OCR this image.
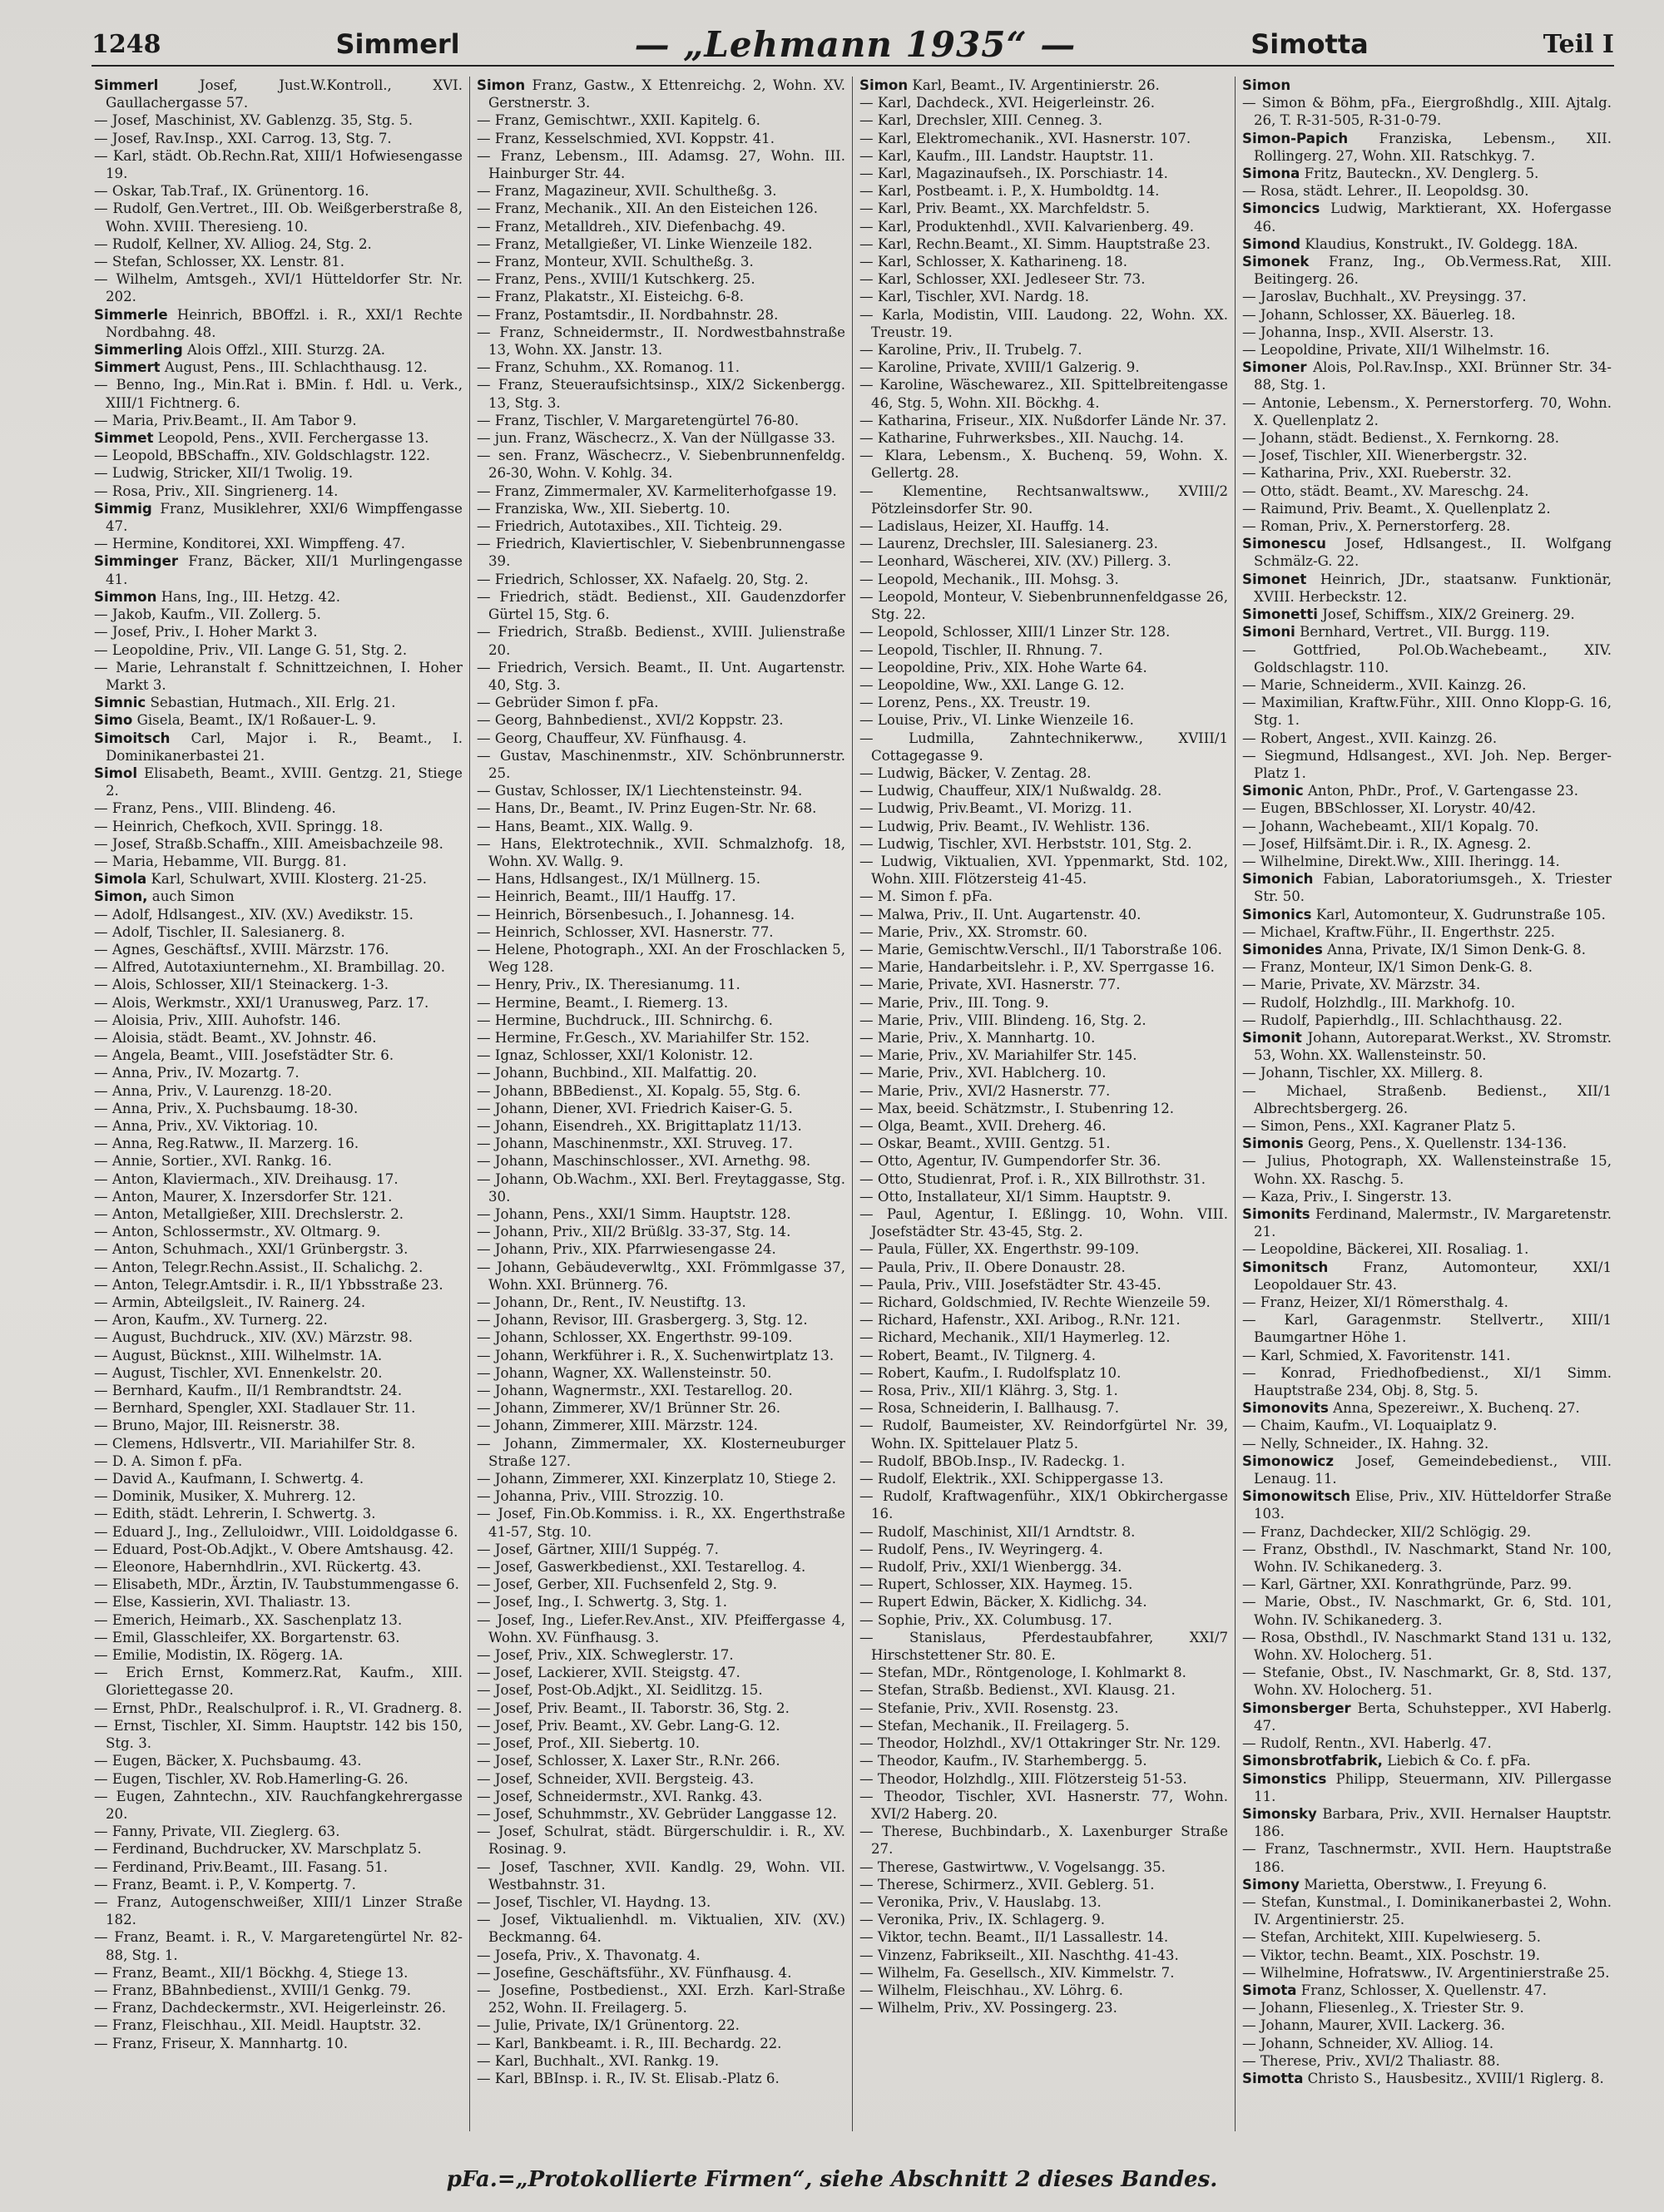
1248	Simmerl	— „Lehmann 1935“ —	Simotta	Teil I
Simmerl Josef, Just.W.Kontroll., XVI. Gaullachergasse 57.
— Josef, Maschinist, XV. Gablenzg. 35, Stg. 5.
— Josef, Rav.Insp., XXI. Carrog. 13, Stg. 7.
— Karl, städt. Ob.Rechn.Rat, XIII/1 Hofwiesengasse 19.
— Oskar, Tab.Traf., IX. Grünentorg. 16.
— Rudolf, Gen.Vertret., III. Ob. Weißgerberstraße 8, Wohn. XVIII. Theresieng. 10.
— Rudolf, Kellner, XV. Alliog. 24, Stg. 2.
— Stefan, Schlosser, XX. Lenstr. 81.
— Wilhelm, Amtsgeh., XVI/1 Hütteldorfer Str. Nr. 202.
Simmerle Heinrich, BBOffzl. i. R., XXI/1 Rechte Nordbahng. 48.
Simmerling Alois Offzl., XIII. Sturzg. 2A.
Simmert August, Pens., III. Schlachthausg. 12.
— Benno, Ing., Min.Rat i. BMin. f. Hdl. u. Verk., XIII/1 Fichtnerg. 6.
— Maria, Priv.Beamt., II. Am Tabor 9.
Simmet Leopold, Pens., XVII. Ferchergasse 13.
— Leopold, BBSchaffn., XIV. Goldschlagstr. 122.
— Ludwig, Stricker, XII/1 Twolig. 19.
— Rosa, Priv., XII. Singrienerg. 14.
Simmig Franz, Musiklehrer, XXI/6 Wimpffengasse 47.
— Hermine, Konditorei, XXI. Wimpffeng. 47.
Simminger Franz, Bäcker, XII/1 Murlingengasse 41.
Simmon Hans, Ing., III. Hetzg. 42.
— Jakob, Kaufm., VII. Zollerg. 5.
— Josef, Priv., I. Hoher Markt 3.
— Leopoldine, Priv., VII. Lange G. 51, Stg. 2.
— Marie, Lehranstalt f. Schnittzeichnen, I. Hoher Markt 3.
Simnic Sebastian, Hutmach., XII. Erlg. 21.
Simo Gisela, Beamt., IX/1 Roßauer-L. 9.
Simoitsch Carl, Major i. R., Beamt., I. Dominikanerbastei 21.
Simol Elisabeth, Beamt., XVIII. Gentzg. 21, Stiege 2.
— Franz, Pens., VIII. Blindeng. 46.
— Heinrich, Chefkoch, XVII. Springg. 18.
— Josef, Straßb.Schaffn., XIII. Ameisbachzeile 98.
— Maria, Hebamme, VII. Burgg. 81.
Simola Karl, Schulwart, XVIII. Klosterg. 21-25.
Simon, auch Simon
— Adolf, Hdlsangest., XIV. (XV.) Avedikstr. 15.
— Adolf, Tischler, II. Salesianerg. 8.
— Agnes, Geschäftsf., XVIII. Märzstr. 176.
— Alfred, Autotaxiunternehm., XI. Brambillag. 20.
— Alois, Schlosser, XII/1 Steinackerg. 1-3.
— Alois, Werkmstr., XXI/1 Uranusweg, Parz. 17.
— Aloisia, Priv., XIII. Auhofstr. 146.
— Aloisia, städt. Beamt., XV. Johnstr. 46.
— Angela, Beamt., VIII. Josefstädter Str. 6.
— Anna, Priv., IV. Mozartg. 7.
— Anna, Priv., V. Laurenzg. 18-20.
— Anna, Priv., X. Puchsbaumg. 18-30.
— Anna, Priv., XV. Viktoriag. 10.
— Anna, Reg.Ratww., II. Marzerg. 16.
— Annie, Sortier., XVI. Rankg. 16.
— Anton, Klaviermach., XIV. Dreihausg. 17.
— Anton, Maurer, X. Inzersdorfer Str. 121.
— Anton, Metallgießer, XIII. Drechslerstr. 2.
— Anton, Schlossermstr., XV. Oltmarg. 9.
— Anton, Schuhmach., XXI/1 Grünbergstr. 3.
— Anton, Telegr.Rechn.Assist., II. Schalichg. 2.
— Anton, Telegr.Amtsdir. i. R., II/1 Ybbsstraße 23.
— Armin, Abteilgsleit., IV. Rainerg. 24.
— Aron, Kaufm., XV. Turnerg. 22.
— August, Buchdruck., XIV. (XV.) Märzstr. 98.
— August, Bücknst., XIII. Wilhelmstr. 1A.
— August, Tischler, XVI. Ennenkelstr. 20.
— Bernhard, Kaufm., II/1 Rembrandtstr. 24.
— Bernhard, Spengler, XXI. Stadlauer Str. 11.
— Bruno, Major, III. Reisnerstr. 38.
— Clemens, Hdlsvertr., VII. Mariahilfer Str. 8.
— D. A. Simon f. pFa.
— David A., Kaufmann, I. Schwertg. 4.
— Dominik, Musiker, X. Muhrerg. 12.
— Edith, städt. Lehrerin, I. Schwertg. 3.
— Eduard J., Ing., Zelluloidwr., VIII. Loidoldgasse 6.
— Eduard, Post-Ob.Adjkt., V. Obere Amtshausg. 42.
— Eleonore, Habernhdlrin., XVI. Rückertg. 43.
— Elisabeth, MDr., Ärztin, IV. Taubstummengasse 6.
— Else, Kassierin, XVI. Thaliastr. 13.
— Emerich, Heimarb., XX. Saschenplatz 13.
— Emil, Glasschleifer, XX. Borgartenstr. 63.
— Emilie, Modistin, IX. Rögerg. 1A.
— Erich Ernst, Kommerz.Rat, Kaufm., XIII. Gloriettegasse 20.
— Ernst, PhDr., Realschulprof. i. R., VI. Gradnerg. 8.
— Ernst, Tischler, XI. Simm. Hauptstr. 142 bis 150, Stg. 3.
— Eugen, Bäcker, X. Puchsbaumg. 43.
— Eugen, Tischler, XV. Rob.Hamerling-G. 26.
— Eugen, Zahntechn., XIV. Rauchfangkehrergasse 20.
— Fanny, Private, VII. Zieglerg. 63.
— Ferdinand, Buchdrucker, XV. Marschplatz 5.
— Ferdinand, Priv.Beamt., III. Fasang. 51.
— Franz, Beamt. i. P., V. Kompertg. 7.
— Franz, Autogenschweißer, XIII/1 Linzer Straße 182.
— Franz, Beamt. i. R., V. Margaretengürtel Nr. 82-88, Stg. 1.
— Franz, Beamt., XII/1 Böckhg. 4, Stiege 13.
— Franz, BBahnbedienst., XVIII/1 Genkg. 79.
— Franz, Dachdeckermstr., XVI. Heigerleinstr. 26.
— Franz, Fleischhau., XII. Meidl. Hauptstr. 32.
— Franz, Friseur, X. Mannhartg. 10.
Simon Franz, Gastw., X Ettenreichg. 2, Wohn. XV. Gerstnerstr. 3.
— Franz, Gemischtwr., XXII. Kapitelg. 6.
— Franz, Kesselschmied, XVI. Koppstr. 41.
— Franz, Lebensm., III. Adamsg. 27, Wohn. III. Hainburger Str. 44.
— Franz, Magazineur, XVII. Schultheßg. 3.
— Franz, Mechanik., XII. An den Eisteichen 126.
— Franz, Metalldreh., XIV. Diefenbachg. 49.
— Franz, Metallgießer, VI. Linke Wienzeile 182.
— Franz, Monteur, XVII. Schultheßg. 3.
— Franz, Pens., XVIII/1 Kutschkerg. 25.
— Franz, Plakatstr., XI. Eisteichg. 6-8.
— Franz, Postamtsdir., II. Nordbahnstr. 28.
— Franz, Schneidermstr., II. Nordwestbahnstraße 13, Wohn. XX. Janstr. 13.
— Franz, Schuhm., XX. Romanog. 11.
— Franz, Steueraufsichtsinsp., XIX/2 Sickenbergg. 13, Stg. 3.
— Franz, Tischler, V. Margaretengürtel 76-80.
— jun. Franz, Wäschecrz., X. Van der Nüllgasse 33.
— sen. Franz, Wäschecrz., V. Siebenbrunnenfeldg. 26-30, Wohn. V. Kohlg. 34.
— Franz, Zimmermaler, XV. Karmeliterhofgasse 19.
— Franziska, Ww., XII. Siebertg. 10.
— Friedrich, Autotaxibes., XII. Tichteig. 29.
— Friedrich, Klaviertischler, V. Siebenbrunnengasse 39.
— Friedrich, Schlosser, XX. Nafaelg. 20, Stg. 2.
— Friedrich, städt. Bedienst., XII. Gaudenzdorfer Gürtel 15, Stg. 6.
— Friedrich, Straßb. Bedienst., XVIII. Julienstraße 20.
— Friedrich, Versich. Beamt., II. Unt. Augartenstr. 40, Stg. 3.
— Gebrüder Simon f. pFa.
— Georg, Bahnbedienst., XVI/2 Koppstr. 23.
— Georg, Chauffeur, XV. Fünfhausg. 4.
— Gustav, Maschinenmstr., XIV. Schönbrunnerstr. 25.
— Gustav, Schlosser, IX/1 Liechtensteinstr. 94.
— Hans, Dr., Beamt., IV. Prinz Eugen-Str. Nr. 68.
— Hans, Beamt., XIX. Wallg. 9.
— Hans, Elektrotechnik., XVII. Schmalzhofg. 18, Wohn. XV. Wallg. 9.
— Hans, Hdlsangest., IX/1 Müllnerg. 15.
— Heinrich, Beamt., III/1 Hauffg. 17.
— Heinrich, Börsenbesuch., I. Johannesg. 14.
— Heinrich, Schlosser, XVI. Hasnerstr. 77.
— Helene, Photograph., XXI. An der Froschlacken 5, Weg 128.
— Henry, Priv., IX. Theresianumg. 11.
— Hermine, Beamt., I. Riemerg. 13.
— Hermine, Buchdruck., III. Schnirchg. 6.
— Hermine, Fr.Gesch., XV. Mariahilfer Str. 152.
— Ignaz, Schlosser, XXI/1 Kolonistr. 12.
— Johann, Buchbind., XII. Malfattig. 20.
— Johann, BBBedienst., XI. Kopalg. 55, Stg. 6.
— Johann, Diener, XVI. Friedrich Kaiser-G. 5.
— Johann, Eisendreh., XX. Brigittaplatz 11/13.
— Johann, Maschinenmstr., XXI. Struveg. 17.
— Johann, Maschinschlosser., XVI. Arnethg. 98.
— Johann, Ob.Wachm., XXI. Berl. Freytaggasse, Stg. 30.
— Johann, Pens., XXI/1 Simm. Hauptstr. 128.
— Johann, Priv., XII/2 Brüßlg. 33-37, Stg. 14.
— Johann, Priv., XIX. Pfarrwiesengasse 24.
— Johann, Gebäudeverwltg., XXI. Frömmlgasse 37, Wohn. XXI. Brünnerg. 76.
— Johann, Dr., Rent., IV. Neustiftg. 13.
— Johann, Revisor, III. Grasbergerg. 3, Stg. 12.
— Johann, Schlosser, XX. Engerthstr. 99-109.
— Johann, Werkführer i. R., X. Suchenwirtplatz 13.
— Johann, Wagner, XX. Wallensteinstr. 50.
— Johann, Wagnermstr., XXI. Testarellog. 20.
— Johann, Zimmerer, XV/1 Brünner Str. 26.
— Johann, Zimmerer, XIII. Märzstr. 124.
— Johann, Zimmermaler, XX. Klosterneuburger Straße 127.
— Johann, Zimmerer, XXI. Kinzerplatz 10, Stiege 2.
— Johanna, Priv., VIII. Strozzig. 10.
— Josef, Fin.Ob.Kommiss. i. R., XX. Engerthstraße 41-57, Stg. 10.
— Josef, Gärtner, XIII/1 Suppég. 7.
— Josef, Gaswerkbedienst., XXI. Testarellog. 4.
— Josef, Gerber, XII. Fuchsenfeld 2, Stg. 9.
— Josef, Ing., I. Schwertg. 3, Stg. 1.
— Josef, Ing., Liefer.Rev.Anst., XIV. Pfeiffergasse 4, Wohn. XV. Fünfhausg. 3.
— Josef, Priv., XIX. Schweglerstr. 17.
— Josef, Lackierer, XVII. Steigstg. 47.
— Josef, Post-Ob.Adjkt., XI. Seidlitzg. 15.
— Josef, Priv. Beamt., II. Taborstr. 36, Stg. 2.
— Josef, Priv. Beamt., XV. Gebr. Lang-G. 12.
— Josef, Prof., XII. Siebertg. 10.
— Josef, Schlosser, X. Laxer Str., R.Nr. 266.
— Josef, Schneider, XVII. Bergsteig. 43.
— Josef, Schneidermstr., XVI. Rankg. 43.
— Josef, Schuhmmstr., XV. Gebrüder Langgasse 12.
— Josef, Schulrat, städt. Bürgerschuldir. i. R., XV. Rosinag. 9.
— Josef, Taschner, XVII. Kandlg. 29, Wohn. VII. Westbahnstr. 31.
— Josef, Tischler, VI. Haydng. 13.
— Josef, Viktualienhdl. m. Viktualien, XIV. (XV.) Beckmanng. 64.
— Josefa, Priv., X. Thavonatg. 4.
— Josefine, Geschäftsführ., XV. Fünfhausg. 4.
— Josefine, Postbedienst., XXI. Erzh. Karl-Straße 252, Wohn. II. Freilagerg. 5.
— Julie, Private, IX/1 Grünentorg. 22.
— Karl, Bankbeamt. i. R., III. Bechardg. 22.
— Karl, Buchhalt., XVI. Rankg. 19.
— Karl, BBInsp. i. R., IV. St. Elisab.-Platz 6.
Simon Karl, Beamt., IV. Argentinierstr. 26.
— Karl, Dachdeck., XVI. Heigerleinstr. 26.
— Karl, Drechsler, XIII. Cenneg. 3.
— Karl, Elektromechanik., XVI. Hasnerstr. 107.
— Karl, Kaufm., III. Landstr. Hauptstr. 11.
— Karl, Magazinaufseh., IX. Porschiastr. 14.
— Karl, Postbeamt. i. P., X. Humboldtg. 14.
— Karl, Priv. Beamt., XX. Marchfeldstr. 5.
— Karl, Produktenhdl., XVII. Kalvarienberg. 49.
— Karl, Rechn.Beamt., XI. Simm. Hauptstraße 23.
— Karl, Schlosser, X. Katharineng. 18.
— Karl, Schlosser, XXI. Jedleseer Str. 73.
— Karl, Tischler, XVI. Nardg. 18.
— Karla, Modistin, VIII. Laudong. 22, Wohn. XX. Treustr. 19.
— Karoline, Priv., II. Trubelg. 7.
— Karoline, Private, XVIII/1 Galzerig. 9.
— Karoline, Wäschewarez., XII. Spittelbreitengasse 46, Stg. 5, Wohn. XII. Böckhg. 4.
— Katharina, Friseur., XIX. Nußdorfer Lände Nr. 37.
— Katharine, Fuhrwerksbes., XII. Nauchg. 14.
— Klara, Lebensm., X. Buchenq. 59, Wohn. X. Gellertg. 28.
— Klementine, Rechtsanwaltsww., XVIII/2 Pötzleinsdorfer Str. 90.
— Ladislaus, Heizer, XI. Hauffg. 14.
— Laurenz, Drechsler, III. Salesianerg. 23.
— Leonhard, Wäscherei, XIV. (XV.) Pillerg. 3.
— Leopold, Mechanik., III. Mohsg. 3.
— Leopold, Monteur, V. Siebenbrunnenfeldgasse 26, Stg. 22.
— Leopold, Schlosser, XIII/1 Linzer Str. 128.
— Leopold, Tischler, II. Rhnung. 7.
— Leopoldine, Priv., XIX. Hohe Warte 64.
— Leopoldine, Ww., XXI. Lange G. 12.
— Lorenz, Pens., XX. Treustr. 19.
— Louise, Priv., VI. Linke Wienzeile 16.
— Ludmilla, Zahntechnikerww., XVIII/1 Cottagegasse 9.
— Ludwig, Bäcker, V. Zentag. 28.
— Ludwig, Chauffeur, XIX/1 Nußwaldg. 28.
— Ludwig, Priv.Beamt., VI. Morizg. 11.
— Ludwig, Priv. Beamt., IV. Wehlistr. 136.
— Ludwig, Tischler, XVI. Herbststr. 101, Stg. 2.
— Ludwig, Viktualien, XVI. Yppenmarkt, Std. 102, Wohn. XIII. Flötzersteig 41-45.
— M. Simon f. pFa.
— Malwa, Priv., II. Unt. Augartenstr. 40.
— Marie, Priv., XX. Stromstr. 60.
— Marie, Gemischtw.Verschl., II/1 Taborstraße 106.
— Marie, Handarbeitslehr. i. P., XV. Sperrgasse 16.
— Marie, Private, XVI. Hasnerstr. 77.
— Marie, Priv., III. Tong. 9.
— Marie, Priv., VIII. Blindeng. 16, Stg. 2.
— Marie, Priv., X. Mannhartg. 10.
— Marie, Priv., XV. Mariahilfer Str. 145.
— Marie, Priv., XVI. Hablcherg. 10.
— Marie, Priv., XVI/2 Hasnerstr. 77.
— Max, beeid. Schätzmstr., I. Stubenring 12.
— Olga, Beamt., XVII. Dreherg. 46.
— Oskar, Beamt., XVIII. Gentzg. 51.
— Otto, Agentur, IV. Gumpendorfer Str. 36.
— Otto, Studienrat, Prof. i. R., XIX Billrothstr. 31.
— Otto, Installateur, XI/1 Simm. Hauptstr. 9.
— Paul, Agentur, I. Eßlingg. 10, Wohn. VIII. Josefstädter Str. 43-45, Stg. 2.
— Paula, Füller, XX. Engerthstr. 99-109.
— Paula, Priv., II. Obere Donaustr. 28.
— Paula, Priv., VIII. Josefstädter Str. 43-45.
— Richard, Goldschmied, IV. Rechte Wienzeile 59.
— Richard, Hafenstr., XXI. Aribog., R.Nr. 121.
— Richard, Mechanik., XII/1 Haymerleg. 12.
— Robert, Beamt., IV. Tilgnerg. 4.
— Robert, Kaufm., I. Rudolfsplatz 10.
— Rosa, Priv., XII/1 Klährg. 3, Stg. 1.
— Rosa, Schneiderin, I. Ballhausg. 7.
— Rudolf, Baumeister, XV. Reindorfgürtel Nr. 39, Wohn. IX. Spittelauer Platz 5.
— Rudolf, BBOb.Insp., IV. Radeckg. 1.
— Rudolf, Elektrik., XXI. Schippergasse 13.
— Rudolf, Kraftwagenführ., XIX/1 Obkirchergasse 16.
— Rudolf, Maschinist, XII/1 Arndtstr. 8.
— Rudolf, Pens., IV. Weyringerg. 4.
— Rudolf, Priv., XXI/1 Wienbergg. 34.
— Rupert, Schlosser, XIX. Haymeg. 15.
— Rupert Edwin, Bäcker, X. Kidlichg. 34.
— Sophie, Priv., XX. Columbusg. 17.
— Stanislaus, Pferdestaubfahrer, XXI/7 Hirschstettener Str. 80. E.
— Stefan, MDr., Röntgenologe, I. Kohlmarkt 8.
— Stefan, Straßb. Bedienst., XVI. Klausg. 21.
— Stefanie, Priv., XVII. Rosenstg. 23.
— Stefan, Mechanik., II. Freilagerg. 5.
— Theodor, Holzhdl., XV/1 Ottakringer Str. Nr. 129.
— Theodor, Kaufm., IV. Starhembergg. 5.
— Theodor, Holzhdlg., XIII. Flötzersteig 51-53.
— Theodor, Tischler, XVI. Hasnerstr. 77, Wohn. XVI/2 Haberg. 20.
— Therese, Buchbindarb., X. Laxenburger Straße 27.
— Therese, Gastwirtww., V. Vogelsangg. 35.
— Therese, Schirmerz., XVII. Geblerg. 51.
— Veronika, Priv., V. Hauslabg. 13.
— Veronika, Priv., IX. Schlagerg. 9.
— Viktor, techn. Beamt., II/1 Lassallestr. 14.
— Vinzenz, Fabrikseilt., XII. Naschthg. 41-43.
— Wilhelm, Fa. Gesellsch., XIV. Kimmelstr. 7.
— Wilhelm, Fleischhau., XV. Löhrg. 6.
— Wilhelm, Priv., XV. Possingerg. 23.
Simon
— Simon & Böhm, pFa., Eiergroßhdlg., XIII. Ajtalg. 26, T. R-31-505, R-31-0-79.
Simon-Papich Franziska, Lebensm., XII. Rollingerg. 27, Wohn. XII. Ratschkyg. 7.
Simona Fritz, Bauteckn., XV. Denglerg. 5.
— Rosa, städt. Lehrer., II. Leopoldsg. 30.
Simoncics Ludwig, Marktierant, XX. Hofergasse 46.
Simond Klaudius, Konstrukt., IV. Goldegg. 18A.
Simonek Franz, Ing., Ob.Vermess.Rat, XIII. Beitingerg. 26.
— Jaroslav, Buchhalt., XV. Preysingg. 37.
— Johann, Schlosser, XX. Bäuerleg. 18.
— Johanna, Insp., XVII. Alserstr. 13.
— Leopoldine, Private, XII/1 Wilhelmstr. 16.
Simoner Alois, Pol.Rav.Insp., XXI. Brünner Str. 34-88, Stg. 1.
— Antonie, Lebensm., X. Pernerstorferg. 70, Wohn. X. Quellenplatz 2.
— Johann, städt. Bedienst., X. Fernkorng. 28.
— Josef, Tischler, XII. Wienerbergstr. 32.
— Katharina, Priv., XXI. Rueberstr. 32.
— Otto, städt. Beamt., XV. Mareschg. 24.
— Raimund, Priv. Beamt., X. Quellenplatz 2.
— Roman, Priv., X. Pernerstorferg. 28.
Simonescu Josef, Hdlsangest., II. Wolfgang Schmälz-G. 22.
Simonet Heinrich, JDr., staatsanw. Funktionär, XVIII. Herbeckstr. 12.
Simonetti Josef, Schiffsm., XIX/2 Greinerg. 29.
Simoni Bernhard, Vertret., VII. Burgg. 119.
— Gottfried, Pol.Ob.Wachebeamt., XIV. Goldschlagstr. 110.
— Marie, Schneiderm., XVII. Kainzg. 26.
— Maximilian, Kraftw.Führ., XIII. Onno Klopp-G. 16, Stg. 1.
— Robert, Angest., XVII. Kainzg. 26.
— Siegmund, Hdlsangest., XVI. Joh. Nep. Berger-Platz 1.
Simonic Anton, PhDr., Prof., V. Gartengasse 23.
— Eugen, BBSchlosser, XI. Lorystr. 40/42.
— Johann, Wachebeamt., XII/1 Kopalg. 70.
— Josef, Hilfsämt.Dir. i. R., IX. Agnesg. 2.
— Wilhelmine, Direkt.Ww., XIII. Iheringg. 14.
Simonich Fabian, Laboratoriumsgeh., X. Triester Str. 50.
Simonics Karl, Automonteur, X. Gudrunstraße 105.
— Michael, Kraftw.Führ., II. Engerthstr. 225.
Simonides Anna, Private, IX/1 Simon Denk-G. 8.
— Franz, Monteur, IX/1 Simon Denk-G. 8.
— Marie, Private, XV. Märzstr. 34.
— Rudolf, Holzhdlg., III. Markhofg. 10.
— Rudolf, Papierhdlg., III. Schlachthausg. 22.
Simonit Johann, Autoreparat.Werkst., XV. Stromstr. 53, Wohn. XX. Wallensteinstr. 50.
— Johann, Tischler, XX. Millerg. 8.
— Michael, Straßenb. Bedienst., XII/1 Albrechtsbergerg. 26.
— Simon, Pens., XXI. Kagraner Platz 5.
Simonis Georg, Pens., X. Quellenstr. 134-136.
— Julius, Photograph, XX. Wallensteinstraße 15, Wohn. XX. Raschg. 5.
— Kaza, Priv., I. Singerstr. 13.
Simonits Ferdinand, Malermstr., IV. Margaretenstr. 21.
— Leopoldine, Bäckerei, XII. Rosaliag. 1.
Simonitsch Franz, Automonteur, XXI/1 Leopoldauer Str. 43.
— Franz, Heizer, XI/1 Römersthalg. 4.
— Karl, Garagenmstr. Stellvertr., XIII/1 Baumgartner Höhe 1.
— Karl, Schmied, X. Favoritenstr. 141.
— Konrad, Friedhofbedienst., XI/1 Simm. Hauptstraße 234, Obj. 8, Stg. 5.
Simonovits Anna, Spezereiwr., X. Buchenq. 27.
— Chaim, Kaufm., VI. Loquaiplatz 9.
— Nelly, Schneider., IX. Hahng. 32.
Simonowicz Josef, Gemeindebedienst., VIII. Lenaug. 11.
Simonowitsch Elise, Priv., XIV. Hütteldorfer Straße 103.
— Franz, Dachdecker, XII/2 Schlögig. 29.
— Franz, Obsthdl., IV. Naschmarkt, Stand Nr. 100, Wohn. IV. Schikanederg. 3.
— Karl, Gärtner, XXI. Konrathgründe, Parz. 99.
— Marie, Obst., IV. Naschmarkt, Gr. 6, Std. 101, Wohn. IV. Schikanederg. 3.
— Rosa, Obsthdl., IV. Naschmarkt Stand 131 u. 132, Wohn. XV. Holocherg. 51.
— Stefanie, Obst., IV. Naschmarkt, Gr. 8, Std. 137, Wohn. XV. Holocherg. 51.
Simonsberger Berta, Schuhstepper., XVI Haberlg. 47.
— Rudolf, Rentn., XVI. Haberlg. 47.
Simonsbrotfabrik, Liebich & Co. f. pFa.
Simonstics Philipp, Steuermann, XIV. Pillergasse 11.
Simonsky Barbara, Priv., XVII. Hernalser Hauptstr. 186.
— Franz, Taschnermstr., XVII. Hern. Hauptstraße 186.
Simony Marietta, Oberstww., I. Freyung 6.
— Stefan, Kunstmal., I. Dominikanerbastei 2, Wohn. IV. Argentinierstr. 25.
— Stefan, Architekt, XIII. Kupelwieserg. 5.
— Viktor, techn. Beamt., XIX. Poschstr. 19.
— Wilhelmine, Hofratsww., IV. Argentinierstraße 25.
Simota Franz, Schlosser, X. Quellenstr. 47.
— Johann, Fliesenleg., X. Triester Str. 9.
— Johann, Maurer, XVII. Lackerg. 36.
— Johann, Schneider, XV. Alliog. 14.
— Therese, Priv., XVI/2 Thaliastr. 88.
Simotta Christo S., Hausbesitz., XVIII/1 Riglerg. 8.
pFa.=„Protokollierte Firmen“, siehe Abschnitt 2 dieses Bandes.
